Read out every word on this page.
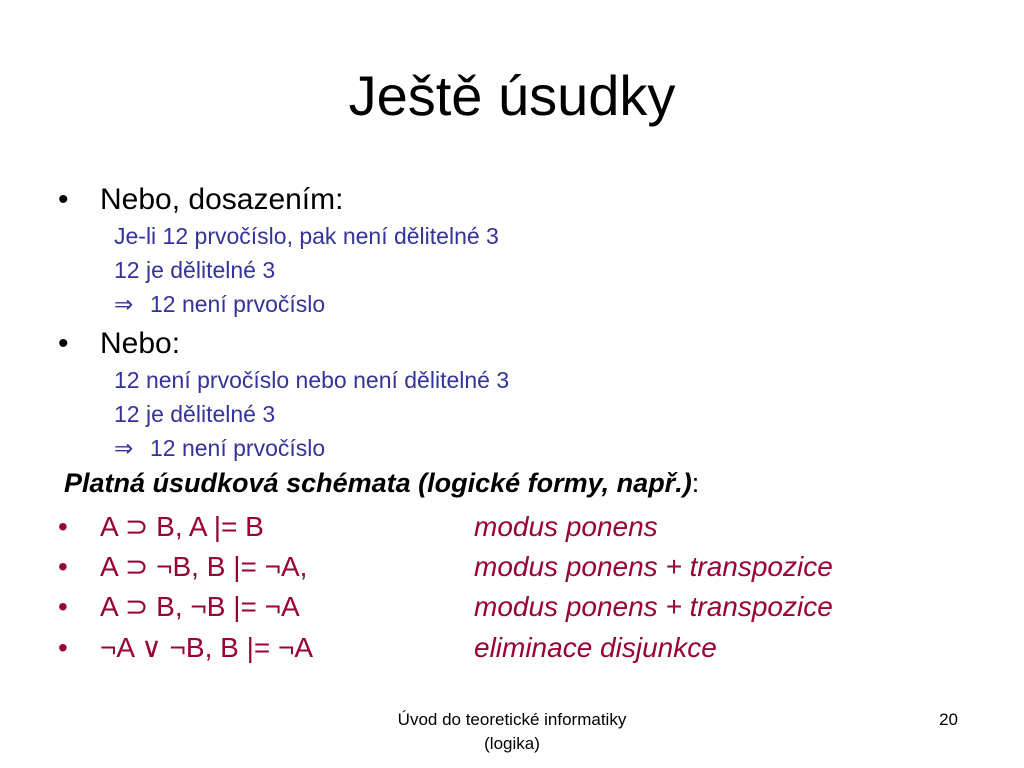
Ještě úsudky
• Nebo, dosazením:
Je-li 12 prvočíslo, pak není dělitelné 3
12 je dělitelné 3
⇒ 12 není prvočíslo
• Nebo:
12 není prvočíslo nebo není dělitelné 3
12 je dělitelné 3
⇒ 12 není prvočíslo
Platná úsudková schémata (logické formy, např.):
• A ⊃ B, A |= B	modus ponens
• A ⊃ ¬B, B |= ¬A,	modus ponens + transpozice
• A ⊃ B, ¬B |= ¬A	modus ponens + transpozice
• ¬A ∨ ¬B, B |= ¬A	eliminace disjunkce
Úvod do teoretické informatiky
(logika)
20
